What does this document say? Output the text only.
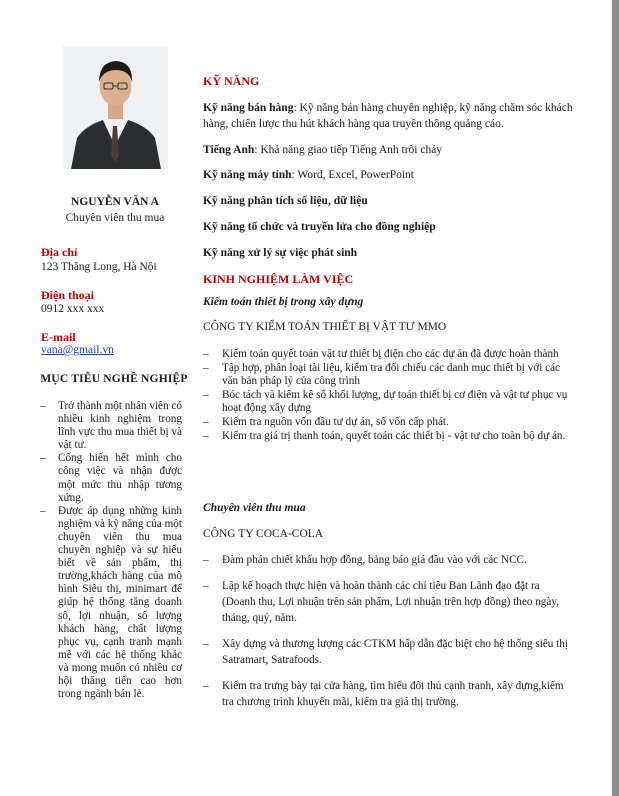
NGUYỄN VĂN A
Chuyên viên thu mua
Địa chỉ
123 Thăng Long, Hà Nội
Điện thoại
0912 xxx xxx
E-mail
vana@gmail.vn
MỤC TIÊU NGHỀ NGHIỆP
– Trở thành một nhân viên có nhiều kinh nghiệm trong lĩnh vực thu mua thiết bị và vật tư.
– Cống hiến hết mình cho công việc và nhận được một mức thu nhập tương xứng.
– Được áp dụng những kinh nghiệm và kỹ năng của một chuyên viên thu mua chuyên nghiệp và sự hiểu biết về sản phẩm, thị trường,khách hàng của mô hình Siêu thị, minimart để giúp hệ thống tăng doanh số, lợi nhuận, số lượng khách hàng, chất lượng phục vụ, cạnh tranh mạnh mẽ với các hệ thống khác và mong muốn có nhiều cơ hội thăng tiến cao hơn trong ngành bán lẻ.
KỸ NĂNG
Kỹ năng bán hàng: Kỹ năng bán hàng chuyên nghiệp, kỹ năng chăm sóc khách hàng, chiến lược thu hút khách hàng qua truyền thông quảng cáo.
Tiếng Anh: Khả năng giao tiếp Tiếng Anh trôi chảy
Kỹ năng máy tính: Word, Excel, PowerPoint
Kỹ năng phân tích số liệu, dữ liệu
Kỹ năng tổ chức và truyền lửa cho đồng nghiệp
Kỹ năng xử lý sự việc phát sinh
KINH NGHIỆM LÀM VIỆC
Kiểm toán thiết bị trong xây dựng
CÔNG TY KIỂM TOÁN THIẾT BỊ VẬT TƯ MMO
– Kiểm toán quyết toán vật tư thiết bị điện cho các dự án đã được hoàn thành
– Tập hợp, phân loại tài liệu, kiểm tra đối chiếu các danh mục thiết bị với các văn bản pháp lý của công trình
– Bóc tách và kiểm kê số khối lượng, dự toán thiết bị cơ điện và vật tư phục vụ hoạt động xây dựng
– Kiểm tra nguồn vốn đầu tư dự án, số vốn cấp phát.
– Kiểm tra giá trị thanh toán, quyết toán các thiết bị - vật tư cho toàn bộ dự án.
Chuyên viên thu mua
CÔNG TY COCA-COLA
– Đàm phán chiết khấu hợp đồng, bảng báo giá đầu vào với các NCC.
– Lập kế hoạch thực hiện và hoàn thành các chỉ tiêu Ban Lãnh đạo đặt ra (Doanh thu, Lợi nhuận trên sản phẩm, Lợi nhuận trên hợp đồng) theo ngày, tháng, quý, năm.
– Xây dựng và thương lượng các CTKM hấp dẫn đặc biệt cho hệ thống siêu thị Satramart, Satrafoods.
– Kiểm tra trưng bày tại cửa hàng, tìm hiểu đối thủ cạnh tranh, xây dựng,kiểm tra chương trình khuyến mãi, kiểm tra giá thị trường.
